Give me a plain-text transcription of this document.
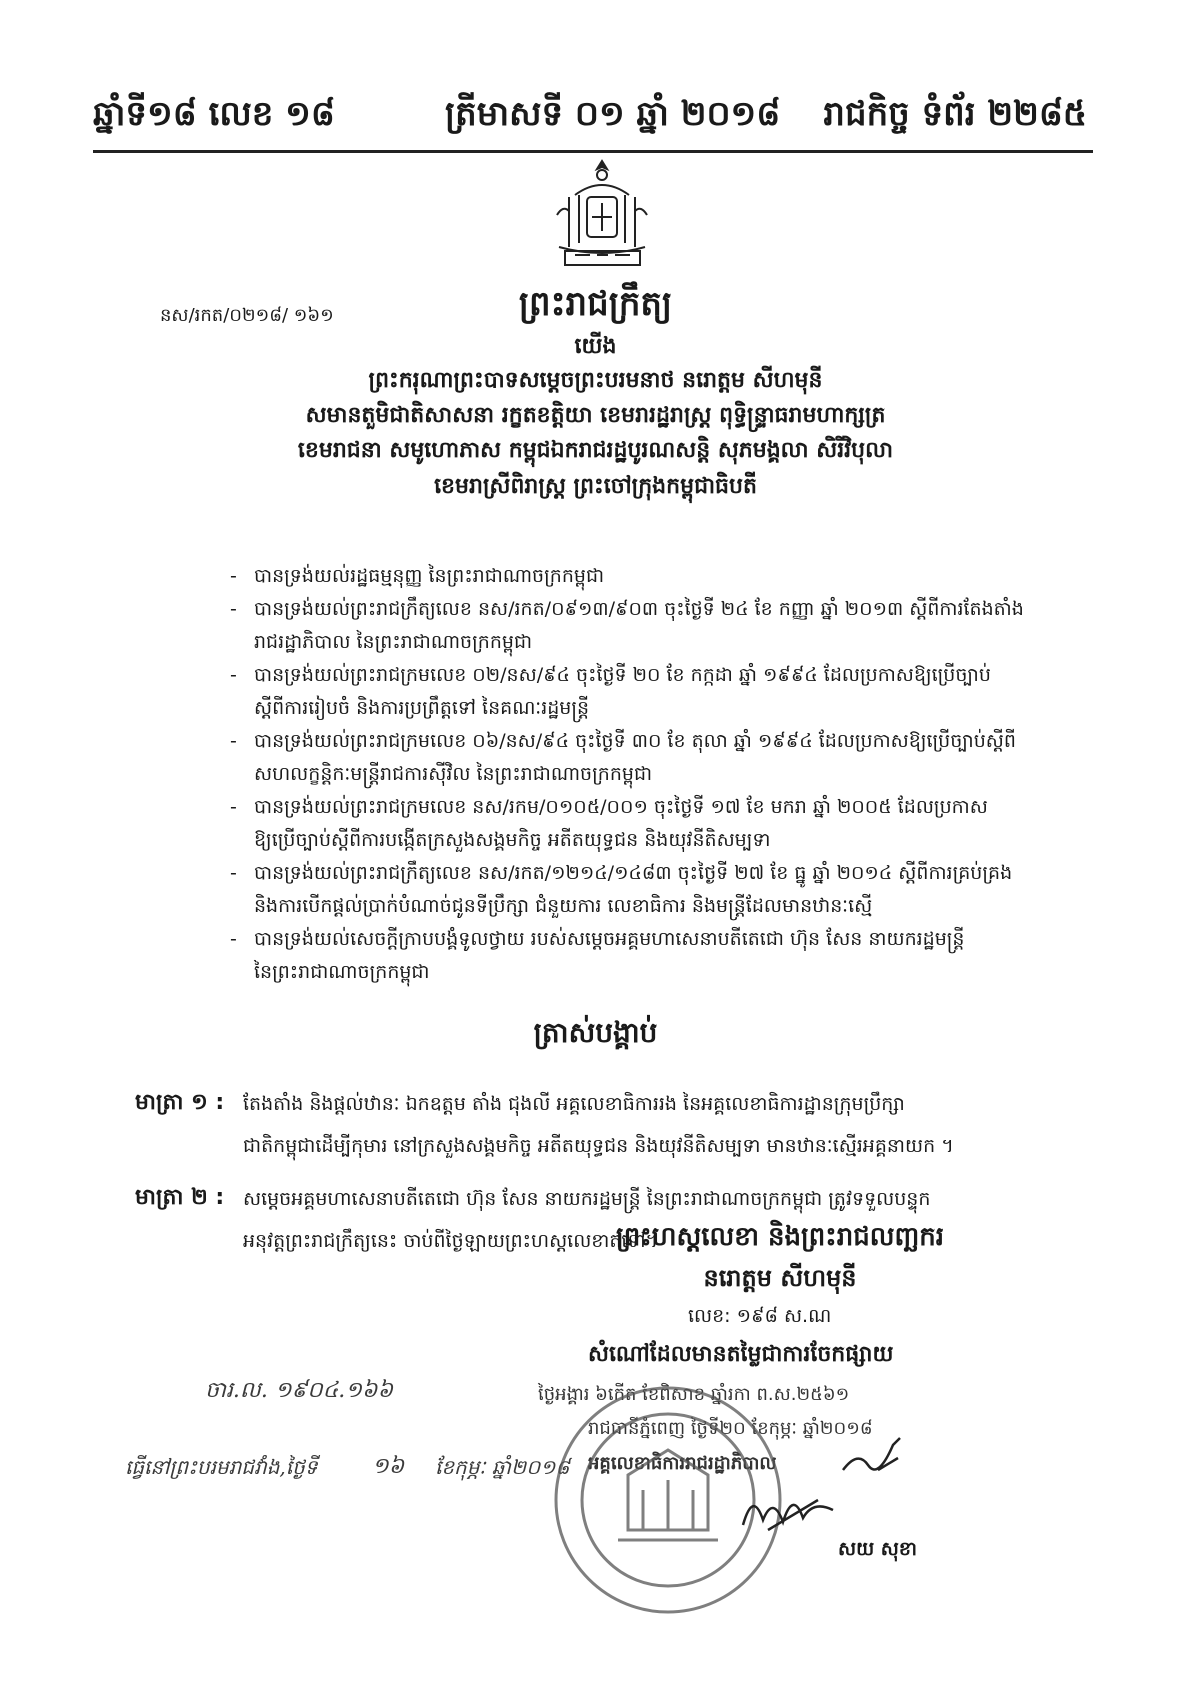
ឆ្នាំទី១៨ លេខ ១៨	ត្រីមាសទី ០១ ឆ្នាំ ២០១៨ រាជកិច្ច ទំព័រ ២២៨៥
នស/រកត/០២១៨/ ១៦១	ព្រះរាជក្រឹត្យ
យើង
ព្រះករុណាព្រះបាទសម្តេចព្រះបរមនាថ នរោត្តម សីហមុនី
សមានតួមិជាតិសាសនា រក្ខតខត្តិយា ខេមរារដ្ឋរាស្ត្រ ពុទ្ធិន្ទ្រាធរាមហាក្សត្រ
ខេមរាជនា សមូហោភាស កម្ពុជឯករាជរដ្ឋបូរណសន្តិ សុភមង្គលា សិរីវិបុលា
ខេមរាស្រីពិរាស្ត្រ ព្រះចៅក្រុងកម្ពុជាធិបតី
- បានទ្រង់យល់រដ្ឋធម្មនុញ្ញ នៃព្រះរាជាណាចក្រកម្ពុជា
- បានទ្រង់យល់ព្រះរាជក្រឹត្យលេខ នស/រកត/០៩១៣/៩០៣ ចុះថ្ងៃទី ២៤ ខែ កញ្ញា ឆ្នាំ ២០១៣ ស្តីពីការតែងតាំង
រាជរដ្ឋាភិបាល នៃព្រះរាជាណាចក្រកម្ពុជា
- បានទ្រង់យល់ព្រះរាជក្រមលេខ ០២/នស/៩៤ ចុះថ្ងៃទី ២០ ខែ កក្កដា ឆ្នាំ ១៩៩៤ ដែលប្រកាសឱ្យប្រើច្បាប់
ស្តីពីការរៀបចំ និងការប្រព្រឹត្តទៅ នៃគណៈរដ្ឋមន្ត្រី
- បានទ្រង់យល់ព្រះរាជក្រមលេខ ០៦/នស/៩៤ ចុះថ្ងៃទី ៣០ ខែ តុលា ឆ្នាំ ១៩៩៤ ដែលប្រកាសឱ្យប្រើច្បាប់ស្តីពី
សហលក្ខន្តិកៈមន្ត្រីរាជការស៊ីវិល នៃព្រះរាជាណាចក្រកម្ពុជា
- បានទ្រង់យល់ព្រះរាជក្រមលេខ នស/រកម/០១០៥/០០១ ចុះថ្ងៃទី ១៧ ខែ មករា ឆ្នាំ ២០០៥ ដែលប្រកាស
ឱ្យប្រើច្បាប់ស្តីពីការបង្កើតក្រសួងសង្គមកិច្ច អតីតយុទ្ធជន និងយុវនីតិសម្បទា
- បានទ្រង់យល់ព្រះរាជក្រឹត្យលេខ នស/រកត/១២១៤/១៤៨៣ ចុះថ្ងៃទី ២៧ ខែ ធ្នូ ឆ្នាំ ២០១៤ ស្តីពីការគ្រប់គ្រង
និងការបើកផ្តល់ប្រាក់បំណាច់ជូនទីប្រឹក្សា ជំនួយការ លេខាធិការ និងមន្ត្រីដែលមានឋានៈស្មើ
- បានទ្រង់យល់សេចក្តីក្រាបបង្គំទូលថ្វាយ របស់សម្តេចអគ្គមហាសេនាបតីតេជោ ហ៊ុន សែន នាយករដ្ឋមន្ត្រី
នៃព្រះរាជាណាចក្រកម្ពុជា
ត្រាស់បង្គាប់
មាត្រា ១ : តែងតាំង និងផ្តល់ឋានៈ ឯកឧត្តម តាំង ជុងលី អគ្គលេខាធិការរង នៃអគ្គលេខាធិការដ្ឋានក្រុមប្រឹក្សា
ជាតិកម្ពុជាដើម្បីកុមារ នៅក្រសួងសង្គមកិច្ច អតីតយុទ្ធជន និងយុវនីតិសម្បទា មានឋានៈស្មើរអគ្គនាយក ។
មាត្រា ២ : សម្តេចអគ្គមហាសេនាបតីតេជោ ហ៊ុន សែន នាយករដ្ឋមន្ត្រី នៃព្រះរាជាណាចក្រកម្ពុជា ត្រូវទទួលបន្ទុក
អនុវត្តព្រះរាជក្រឹត្យនេះ ចាប់ពីថ្ងៃឡាយព្រះហស្តលេខាតទៅ។
ព្រះហស្តលេខា និងព្រះរាជលញ្ឆករ
នរោត្តម សីហមុនី
លេខ: ១៩៨ ស.ណ
សំណៅដែលមានតម្លៃជាការចែកផ្សាយ
ថ្ងៃអង្គារ ៦កើត ខែពិសាខ ឆ្នាំរកា ព.ស.២៥៦១
រាជធានីភ្នំពេញ ថ្ងៃទី២០ ខែកុម្ភៈ ឆ្នាំ២០១៨
អគ្គលេខាធិការរាជរដ្ឋាភិបាល
សយ សុខា
ចារ.ល. ១៩០៤.១៦៦
ធ្វើនៅព្រះបរមរាជវាំង,ថ្ងៃទី ១៦ ខែកុម្ភៈ ឆ្នាំ២០១៨
